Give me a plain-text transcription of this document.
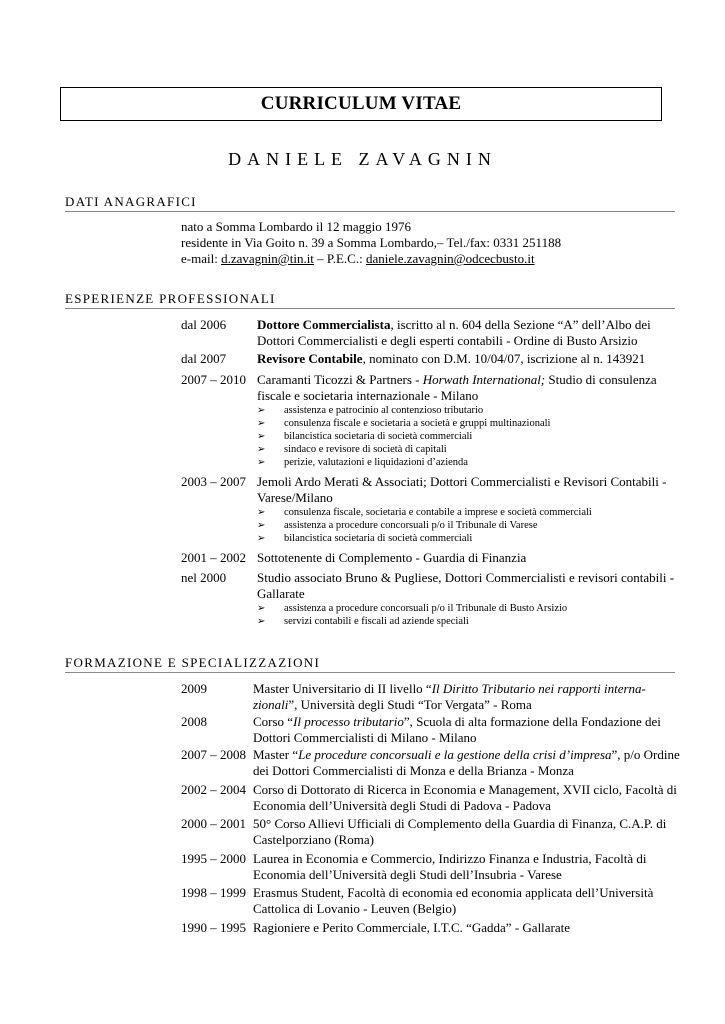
CURRICULUM VITAE
DANIELE ZAVAGNIN
DATI ANAGRAFICI

nato a Somma Lombardo il 12 maggio 1976

residente in Via Goito n. 39 a Somma Lombardo,– Tel./fax: 0331 251188

e-mail: d.zavagnin@tin.it – P.E.C.: daniele.zavagnin@odcecbusto.it

ESPERIENZE PROFESSIONALI
dal 2006	Dottore Commercialista, iscritto al n. 604 della Sezione “A” dell’Albo dei Dottori Commercialisti e degli esperti contabili - Ordine di Busto Arsizio
dal 2007	Revisore Contabile, nominato con D.M. 10/04/07, iscrizione al n. 143921
2007 – 2010 Caramanti Ticozzi & Partners - Horwath International; Studio di consulenza fiscale e societaria internazionale - Milano
➢ assistenza e patrocinio al contenzioso tributario
➢ consulenza fiscale e societaria a società e gruppi multinazionali
➢ bilancistica societaria di società commerciali
➢ sindaco e revisore di società di capitali
➢ perizie, valutazioni e liquidazioni d’azienda
2003 – 2007 Jemoli Ardo Merati & Associati; Dottori Commercialisti e Revisori Contabili - Varese/Milano
➢ consulenza fiscale, societaria e contabile a imprese e società commerciali
➢ assistenza a procedure concorsuali p/o il Tribunale di Varese
➢ bilancistica societaria di società commerciali
2001 – 2002 Sottotenente di Complemento - Guardia di Finanzia
nel 2000	Studio associato Bruno & Pugliese, Dottori Commercialisti e revisori contabili - Gallarate
➢ assistenza a procedure concorsuali p/o il Tribunale di Busto Arsizio
➢ servizi contabili e fiscali ad aziende speciali
FORMAZIONE E SPECIALIZZAZIONI
2009	Master Universitario di II livello “Il Diritto Tributario nei rapporti interna-zionali”, Università degli Studi “Tor Vergata” - Roma
2008	Corso “Il processo tributario”, Scuola di alta formazione della Fondazione dei Dottori Commercialisti di Milano - Milano
2007 – 2008 Master “Le procedure concorsuali e la gestione della crisi d’impresa”, p/o Ordine dei Dottori Commercialisti di Monza e della Brianza - Monza
2002 – 2004 Corso di Dottorato di Ricerca in Economia e Management, XVII ciclo, Facoltà di Economia dell’Università degli Studi di Padova - Padova
2000 – 2001 50° Corso Allievi Ufficiali di Complemento della Guardia di Finanza, C.A.P. di Castelporziano (Roma)
1995 – 2000 Laurea in Economia e Commercio, Indirizzo Finanza e Industria, Facoltà di Economia dell’Università degli Studi dell’Insubria - Varese
1998 – 1999 Erasmus Student, Facoltà di economia ed economia applicata dell’Università Cattolica di Lovanio - Leuven (Belgio)
1990 – 1995 Ragioniere e Perito Commerciale, I.T.C. “Gadda” - Gallarate
